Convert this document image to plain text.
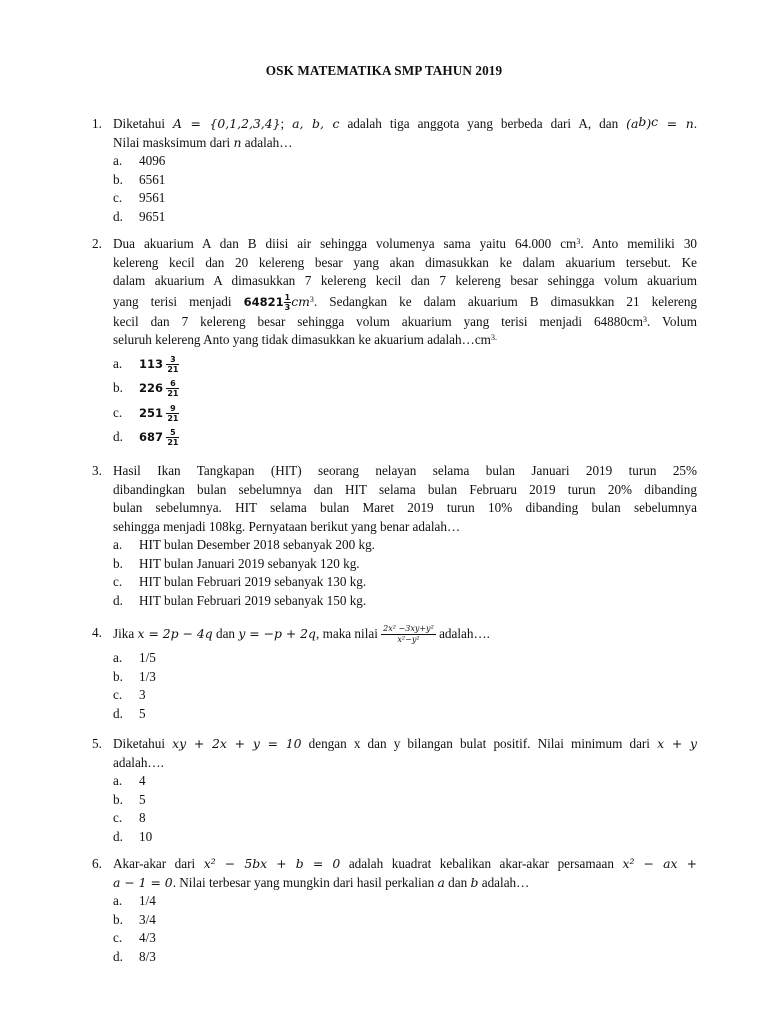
OSK MATEMATIKA SMP TAHUN 2019
1. Diketahui A = {0,1,2,3,4}; a, b, c adalah tiga anggota yang berbeda dari A, dan $(a^b)^c = n$.
Nilai masksimum dari n adalah…
a. 4096
b. 6561
c. 9561
d. 9651
2. Dua akuarium A dan B diisi air sehingga volumenya sama yaitu 64.000 $cm^3$. Anto memiliki 30
kelereng kecil dan 20 kelereng besar yang akan dimasukkan ke dalam akuarium tersebut. Ke
dalam akuarium A dimasukkan 7 kelereng kecil dan 7 kelereng besar sehingga volum akuarium
yang terisi menjadi $64821 \frac{1}{3} cm^3$. Sedangkan ke dalam akuarium B dimasukkan 21 kelereng
kecil dan 7 kelereng besar sehingga volum akuarium yang terisi menjadi $64880cm^3$. Volum
seluruh kelereng Anto yang tidak dimasukkan ke akuarium $adalah\dots cm^{3.}$
a. $113 \frac{3}{21}$
b. $226 \frac{6}{21}$
c. $251 \frac{9}{21}$
d. $687 \frac{5}{21}$
3. Hasil Ikan Tangkapan (HIT) seorang nelayan selama bulan Januari 2019 turun 25%
dibandingkan bulan sebelumnya dan HIT selama bulan Februaru 2019 turun 20% dibanding
bulan sebelumnya. HIT selama bulan Maret 2019 turun 10% dibanding bulan sebelumnya
sehingga menjadi 108kg. Pernyataan berikut yang benar adalah…
a. HIT bulan Desember 2018 sebanyak 200 kg.
b. HIT bulan Januari 2019 sebanyak 120 kg.
c. HIT bulan Februari 2019 sebanyak 130 kg.
d. HIT bulan Februari 2019 sebanyak 150 kg.
4. Jika x = 2p − 4q dan y = −p + 2q, maka nilai $\frac{\text{2x² −3xy+y²}}{\text{x²−y²}}$ adalah….
a. 1/5
b. 1/3
c. 3
d. 5
5. Diketahui xy + 2x + y = 10 dengan x dan y bilangan bulat positif. Nilai minimum dari x + y
adalah….
a. 4
b. 5
c. 8
d. 10
6. Akar-akar dari x² − 5bx + b = 0 adalah kuadrat kebalikan akar-akar persamaan x² − ax +
a − 1 = 0. Nilai terbesar yang mungkin dari hasil perkalian a dan b adalah…
a. 1/4
b. 3/4
c. 4/3
d. 8/3
